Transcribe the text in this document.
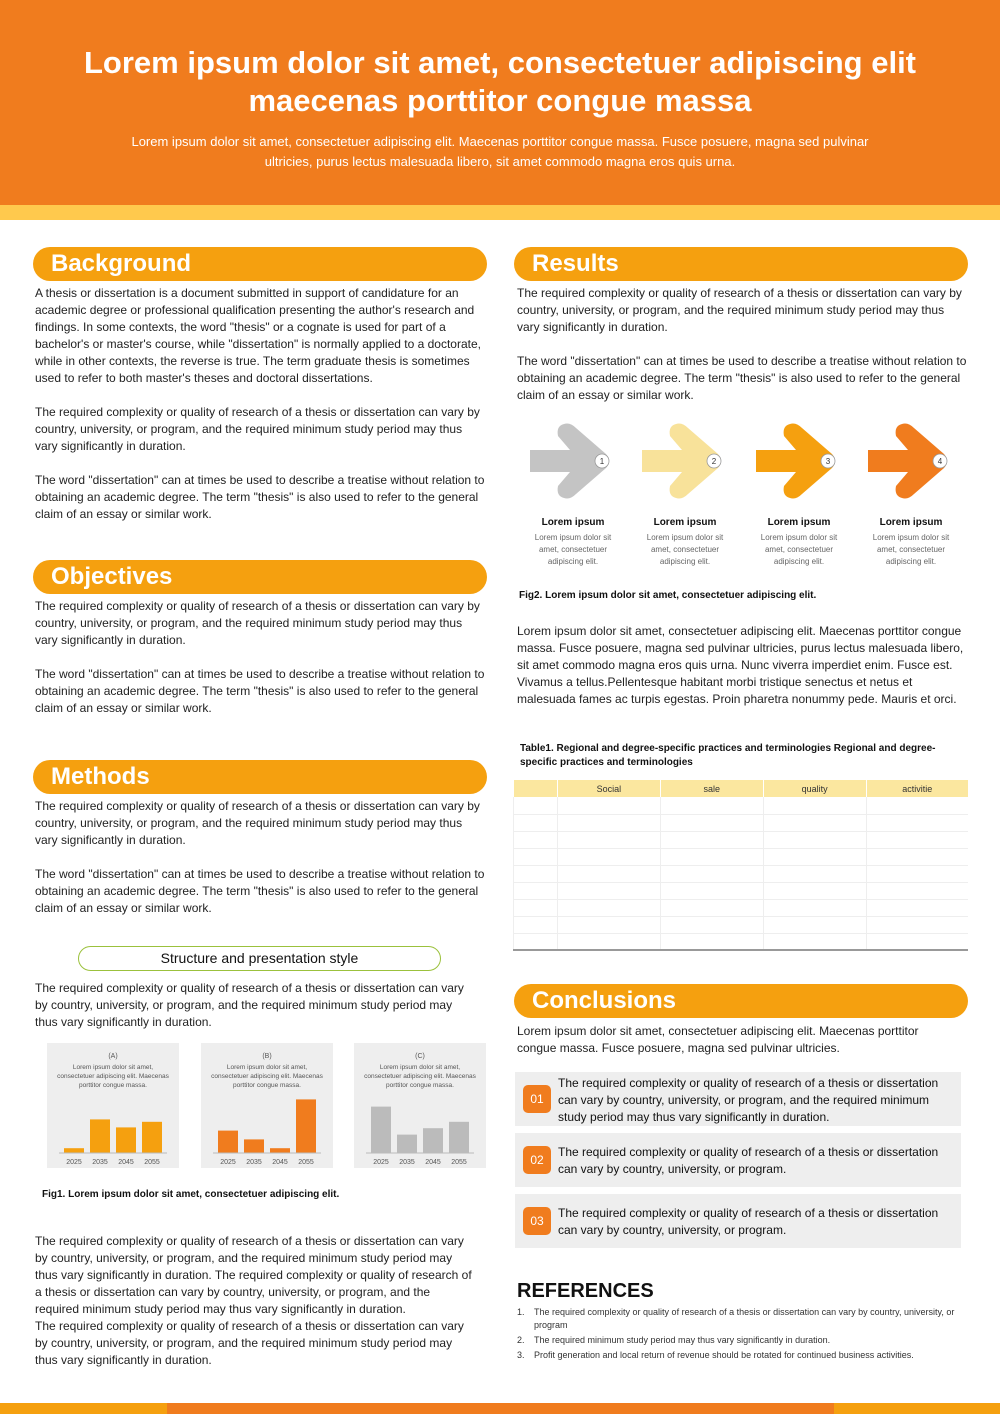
Lorem ipsum dolor sit amet, consectetuer adipiscing elit maecenas porttitor congue massa
Lorem ipsum dolor sit amet, consectetuer adipiscing elit. Maecenas porttitor congue massa. Fusce posuere, magna sed pulvinar ultricies, purus lectus malesuada libero, sit amet commodo magna eros quis urna.
Background

A thesis or dissertation is a document submitted in support of candidature for an academic degree or professional qualification presenting the author's research and findings. In some contexts, the word "thesis" or a cognate is used for part of a bachelor's or master's course, while "dissertation" is normally applied to a doctorate, while in other contexts, the reverse is true. The term graduate thesis is sometimes used to refer to both master's theses and doctoral dissertations.

The required complexity or quality of research of a thesis or dissertation can vary by country, university, or program, and the required minimum study period may thus vary significantly in duration.

The word "dissertation" can at times be used to describe a treatise without relation to obtaining an academic degree. The term "thesis" is also used to refer to the general claim of an essay or similar work.

Objectives

The required complexity or quality of research of a thesis or dissertation can vary by country, university, or program, and the required minimum study period may thus vary significantly in duration.

The word "dissertation" can at times be used to describe a treatise without relation to obtaining an academic degree. The term "thesis" is also used to refer to the general claim of an essay or similar work.

Methods

The required complexity or quality of research of a thesis or dissertation can vary by country, university, or program, and the required minimum study period may thus vary significantly in duration.

The word "dissertation" can at times be used to describe a treatise without relation to obtaining an academic degree. The term "thesis" is also used to refer to the general claim of an essay or similar work.

Structure and presentation style
The required complexity or quality of research of a thesis or dissertation can vary by country, university, or program, and the required minimum study period may thus vary significantly in duration.
(A)
Lorem ipsum dolor sit amet, consectetuer adipiscing elit. Maecenas porttitor congue massa.
2025 2035 2045 2055
(B)
Lorem ipsum dolor sit amet, consectetuer adipiscing elit. Maecenas porttitor congue massa.
2025 2035 2045 2055
(C)
Lorem ipsum dolor sit amet, consectetuer adipiscing elit. Maecenas porttitor congue massa.
2025 2035 2045 2055
Fig1. Lorem ipsum dolor sit amet, consectetuer adipiscing elit.
The required complexity or quality of research of a thesis or dissertation can vary by country, university, or program, and the required minimum study period may thus vary significantly in duration. The required complexity or quality of research of a thesis or dissertation can vary by country, university, or program, and the required minimum study period may thus vary significantly in duration.
The required complexity or quality of research of a thesis or dissertation can vary by country, university, or program, and the required minimum study period may thus vary significantly in duration.
Results

The required complexity or quality of research of a thesis or dissertation can vary by country, university, or program, and the required minimum study period may thus vary significantly in duration.

The word "dissertation" can at times be used to describe a treatise without relation to obtaining an academic degree. The term "thesis" is also used to refer to the general claim of an essay or similar work.

1
Lorem ipsum
Lorem ipsum dolor sit amet, consectetuer adipiscing elit.
2
Lorem ipsum
Lorem ipsum dolor sit amet, consectetuer adipiscing elit.
3
Lorem ipsum
Lorem ipsum dolor sit amet, consectetuer adipiscing elit.
4
Lorem ipsum
Lorem ipsum dolor sit amet, consectetuer adipiscing elit.
Fig2. Lorem ipsum dolor sit amet, consectetuer adipiscing elit.
Lorem ipsum dolor sit amet, consectetuer adipiscing elit. Maecenas porttitor congue massa. Fusce posuere, magna sed pulvinar ultricies, purus lectus malesuada libero, sit amet commodo magna eros quis urna. Nunc viverra imperdiet enim. Fusce est. Vivamus a tellus.Pellentesque habitant morbi tristique senectus et netus et malesuada fames ac turpis egestas. Proin pharetra nonummy pede. Mauris et orci.
Table1. Regional and degree-specific practices and terminologies Regional and degree-specific practices and terminologies
	Social	sale	quality	activitie

Conclusions
Lorem ipsum dolor sit amet, consectetuer adipiscing elit. Maecenas porttitor congue massa. Fusce posuere, magna sed pulvinar ultricies.
01
The required complexity or quality of research of a thesis or dissertation can vary by country, university, or program, and the required minimum study period may thus vary significantly in duration.
02
The required complexity or quality of research of a thesis or dissertation can vary by country, university, or program.
03
The required complexity or quality of research of a thesis or dissertation can vary by country, university, or program.
REFERENCES
1.	The required complexity or quality of research of a thesis or dissertation can vary by country, university, or program
2.	The required minimum study period may thus vary significantly in duration.
3.	Profit generation and local return of revenue should be rotated for continued business activities.
